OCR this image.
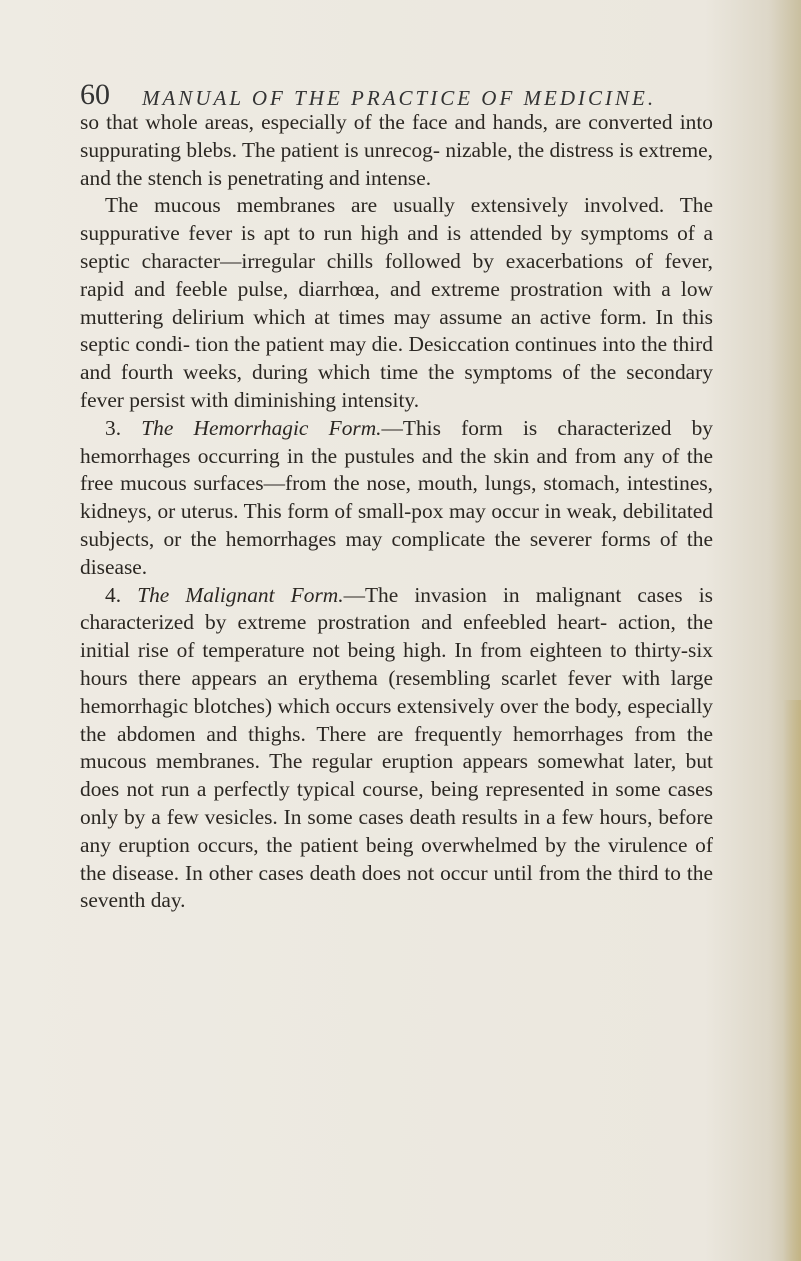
60 MANUAL OF THE PRACTICE OF MEDICINE.

so that whole areas, especially of the face and hands, are converted into suppurating blebs. The patient is unrecog- nizable, the distress is extreme, and the stench is penetrating and intense.

The mucous membranes are usually extensively involved. The suppurative fever is apt to run high and is attended by symptoms of a septic character—irregular chills followed by exacerbations of fever, rapid and feeble pulse, diarrhœa, and extreme prostration with a low muttering delirium which at times may assume an active form. In this septic condi- tion the patient may die. Desiccation continues into the third and fourth weeks, during which time the symptoms of the secondary fever persist with diminishing intensity.

3. The Hemorrhagic Form.—This form is characterized by hemorrhages occurring in the pustules and the skin and from any of the free mucous surfaces—from the nose, mouth, lungs, stomach, intestines, kidneys, or uterus. This form of small-pox may occur in weak, debilitated subjects, or the hemorrhages may complicate the severer forms of the disease.

4. The Malignant Form.—The invasion in malignant cases is characterized by extreme prostration and enfeebled heart- action, the initial rise of temperature not being high. In from eighteen to thirty-six hours there appears an erythema (resembling scarlet fever with large hemorrhagic blotches) which occurs extensively over the body, especially the abdomen and thighs. There are frequently hemorrhages from the mucous membranes. The regular eruption appears somewhat later, but does not run a perfectly typical course, being represented in some cases only by a few vesicles. In some cases death results in a few hours, before any eruption occurs, the patient being overwhelmed by the virulence of the disease. In other cases death does not occur until from the third to the seventh day.
